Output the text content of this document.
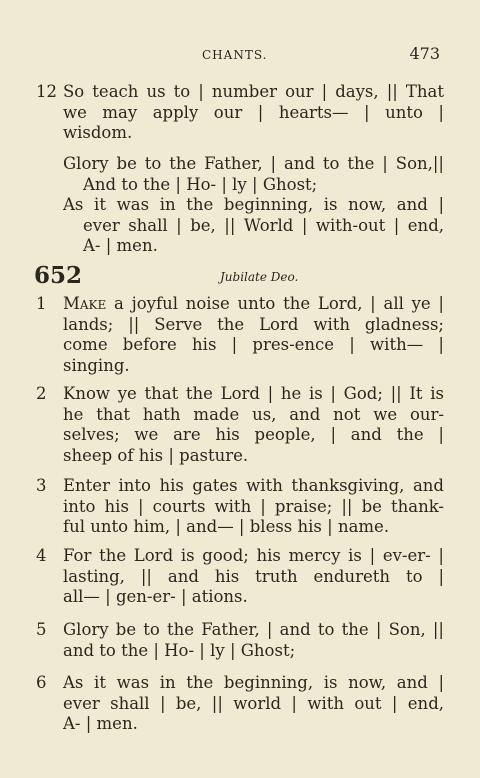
CHANTS.	473
12 So teach us to | number our | days, || That
we may apply our | hearts— | unto |
wisdom.
Glory be to the Father, | and to the | Son,||
And to the | Ho- | ly | Ghost;
As it was in the beginning, is now, and |
ever shall | be, || World | with-out | end,
A- | men.
652	Jubilate Deo.
1 Make a joyful noise unto the Lord, | all ye |
lands; || Serve the Lord with gladness;
come before his | pres-ence | with— |
singing.
2 Know ye that the Lord | he is | God; || It is
he that hath made us, and not we our-
selves; we are his people, | and the |
sheep of his | pasture.
3 Enter into his gates with thanksgiving, and
into his | courts with | praise; || be thank-
ful unto him, | and— | bless his | name.
4 For the Lord is good; his mercy is | ev-er- |
lasting, || and his truth endureth to |
all— | gen-er- | ations.
5 Glory be to the Father, | and to the | Son, ||
and to the | Ho- | ly | Ghost;
6 As it was in the beginning, is now, and |
ever shall | be, || world | with out | end,
A- | men.
